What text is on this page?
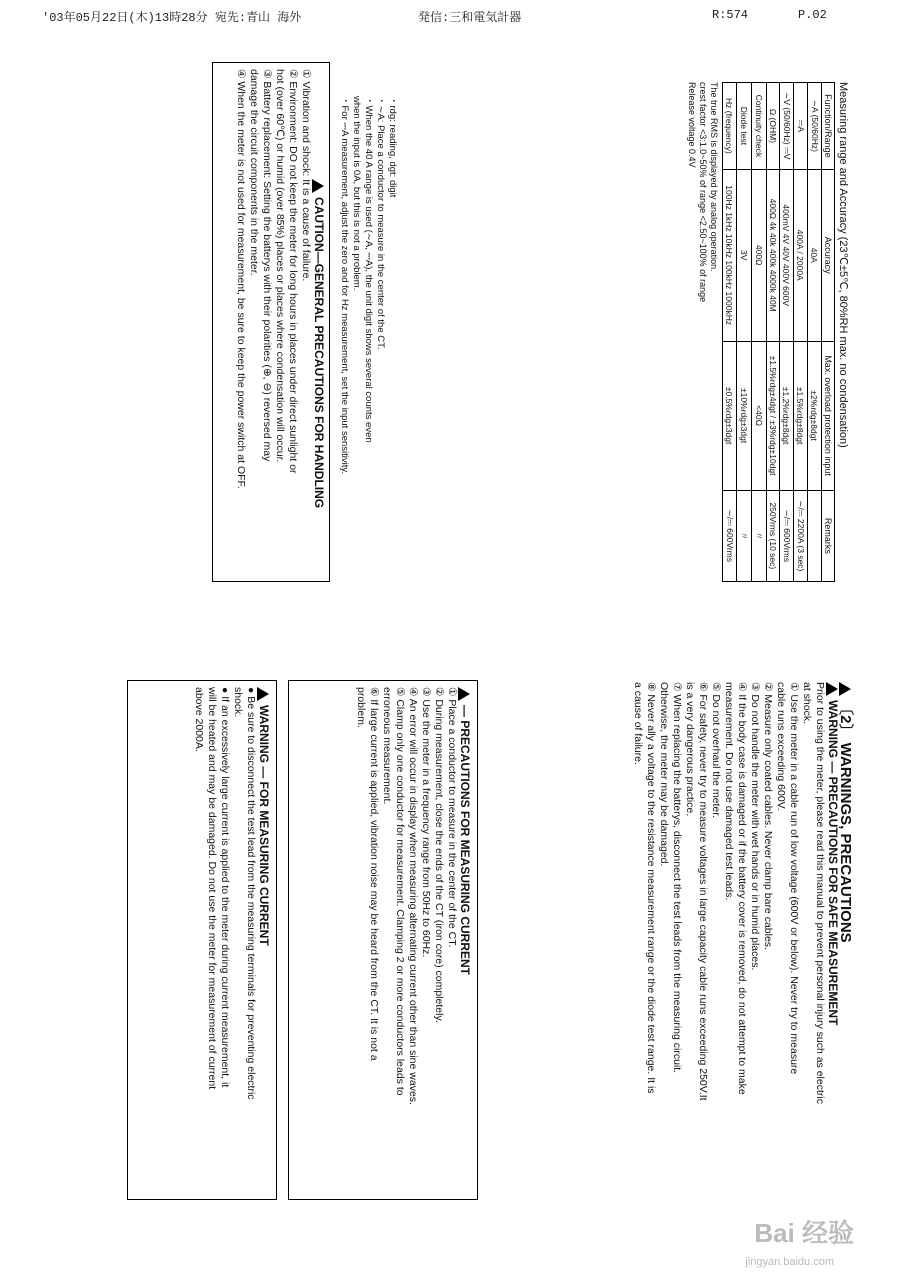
'03年05月22日(木)13時28分 宛先:青山 海外	発信:三和電気計器	R:574	P.02
Measuring range and Accuracy (23℃±5℃, 80%RH max. no condensation)
Function/Range	Accuracy	Max. overload protection input	Remarks
∼A (50/60Hz)	40A	±2%rdg±8dgt	
⎓A	400A / 2000A	±1.5%rdg±8dgt	∼/⎓ 2200A (3 sec)
∼V (50/60Hz) ⎓V	400mV 4V 40V 400V 600V	±1.2%rdg±8dgt	∼/⎓ 600Vrms
Ω (OHM)	400Ω 4k 40k 400k 4000k 40M	±1.5%rdg±4dgt / ±3%rdg±10dgt	250Vrms (10 sec)
Continuity check	400Ω	<40Ω	〃
Diode test	3V	±10%rdg±3dgt	〃
Hz (frequency)	100Hz 1kHz 10kHz 100kHz 1000kHz	±0.5%rdg±3dgt	∼/⎓ 600Vrms

The true RMS is displayed by analog operation.

crest factor <3:1.0~50% of range <2.50~100% of range

Release voltage 0.4V

・rdg: reading, dgt: digit

・∼A: Place a conductor to measure in the center of the CT.

・When the 40 A range is used (∼A, ⎓A), the unit digit shows several counts even

when the input is 0A, but this is not a problem.

・For ⎓A measurement, adjust the zero and for Hz measurement, set the input sensitivity.

CAUTION—GENERAL PRECAUTIONS FOR HANDLING

① Vibration and shock: It is a cause of failure.

② Environment: DO not keep the meter for long hours in places under direct sunlight or

hot (over 60℃) or humid (over 85%) places or places where condensation will occur.

③ Battery replacement: Setting the batterys with their polarities (⊕, ⊖) reversed may

damage the circuit components in the meter.

④ When the meter is not used for measurement, be sure to keep the power switch at OFF.

〔2〕 WARNINGS, PRECAUTIONS
WARNING — PRECAUTIONS FOR SAFE MEASUREMENT

Prior to using the meter, please read this manual to prevent personal injury such as electric

at shock.

① Use the meter in a cable run of low voltage (600V or below). Never try to measure

cable runs exceeding 600V.

② Measure only coated cables. Never clamp bare cables.

③ Do not handle the meter with wet hands or in humid places.

④ If the body case is damaged or if the battery cover is removed, do not attempt to make

measurement. Do not use damaged test leads.

⑤ Do not overhaul the meter.

⑥ For safety, never try to measure voltages in large capacity cable runs exceeding 250V.It

is a very dangerous practice.

⑦ When replacing the batterys, disconnect the test leads from the measuring circuit.

Otherwise, the meter may be damaged.

⑧ Never ally a voltage to the resistance measurement range or the diode test range. It is

a cause of failure.

— PRECAUTIONS FOR MEASURING CURRENT

① Place a conductor to measure in the center of the CT.

② During measurement, close the ends of the CT (iron core) completely.

③ Use the meter in a frequency range from 50Hz to 60Hz.

④ An error will occur in display when measuring alternating current other than sine waves.

⑤ Clamp only one conductor for measurement. Clamping 2 or more conductors leads to

erroneous measurement.

⑥ If large current is applied, vibration noise may be heard from the CT. It is not a

problem.

WARNING — FOR MEASURING CURRENT

● Be sure to disconnect the test lead from the measuring terminals for preventing electric

shock.

● If an excessively large current is applied to the meter during current measurement, it

will be heated and may be damaged. Do not use the meter for measurement of current

above 2000A.

Bai 经验
jingyan.baidu.com
